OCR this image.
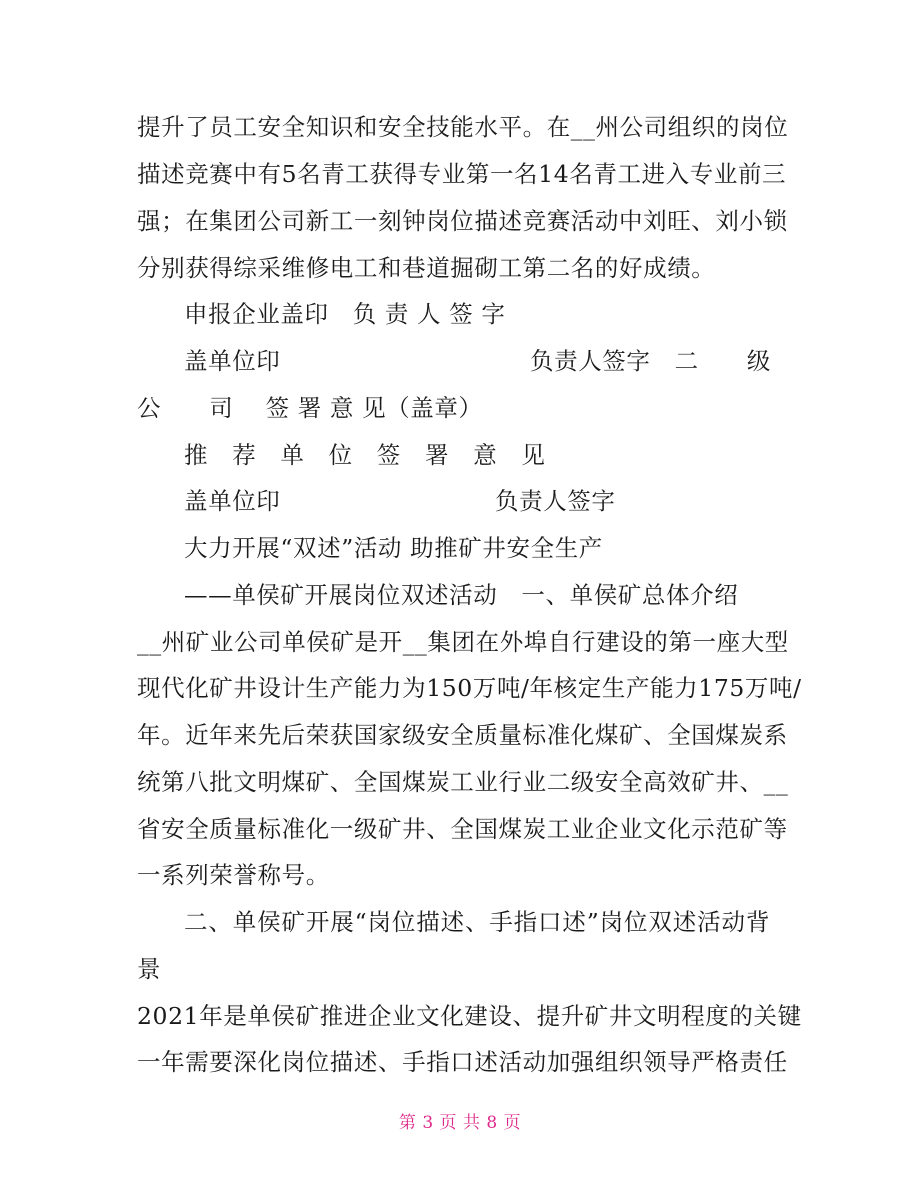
提升了员工安全知识和安全技能水平。在__州公司组织的岗位
描述竞赛中有5名青工获得专业第一名14名青工进入专业前三
强；在集团公司新工一刻钟岗位描述竞赛活动中刘旺、刘小锁
分别获得综采维修电工和巷道掘砌工第二名的好成绩。
申报企业盖印　负 责 人 签 字
盖单位印	负责人签字　二　　级
公　　司　 签 署 意 见（盖章）
推　荐　单　位　签　署　意　见
盖单位印	负责人签字
大力开展“双述”活动 助推矿井安全生产
——单侯矿开展岗位双述活动　一、单侯矿总体介绍
__州矿业公司单侯矿是开__集团在外埠自行建设的第一座大型
现代化矿井设计生产能力为150万吨/年核定生产能力175万吨/
年。近年来先后荣获国家级安全质量标准化煤矿、全国煤炭系
统第八批文明煤矿、全国煤炭工业行业二级安全高效矿井、__
省安全质量标准化一级矿井、全国煤炭工业企业文化示范矿等
一系列荣誉称号。
二、单侯矿开展“岗位描述、手指口述”岗位双述活动背
景
2021年是单侯矿推进企业文化建设、提升矿井文明程度的关键
一年需要深化岗位描述、手指口述活动加强组织领导严格责任
第 3 页 共 8 页
